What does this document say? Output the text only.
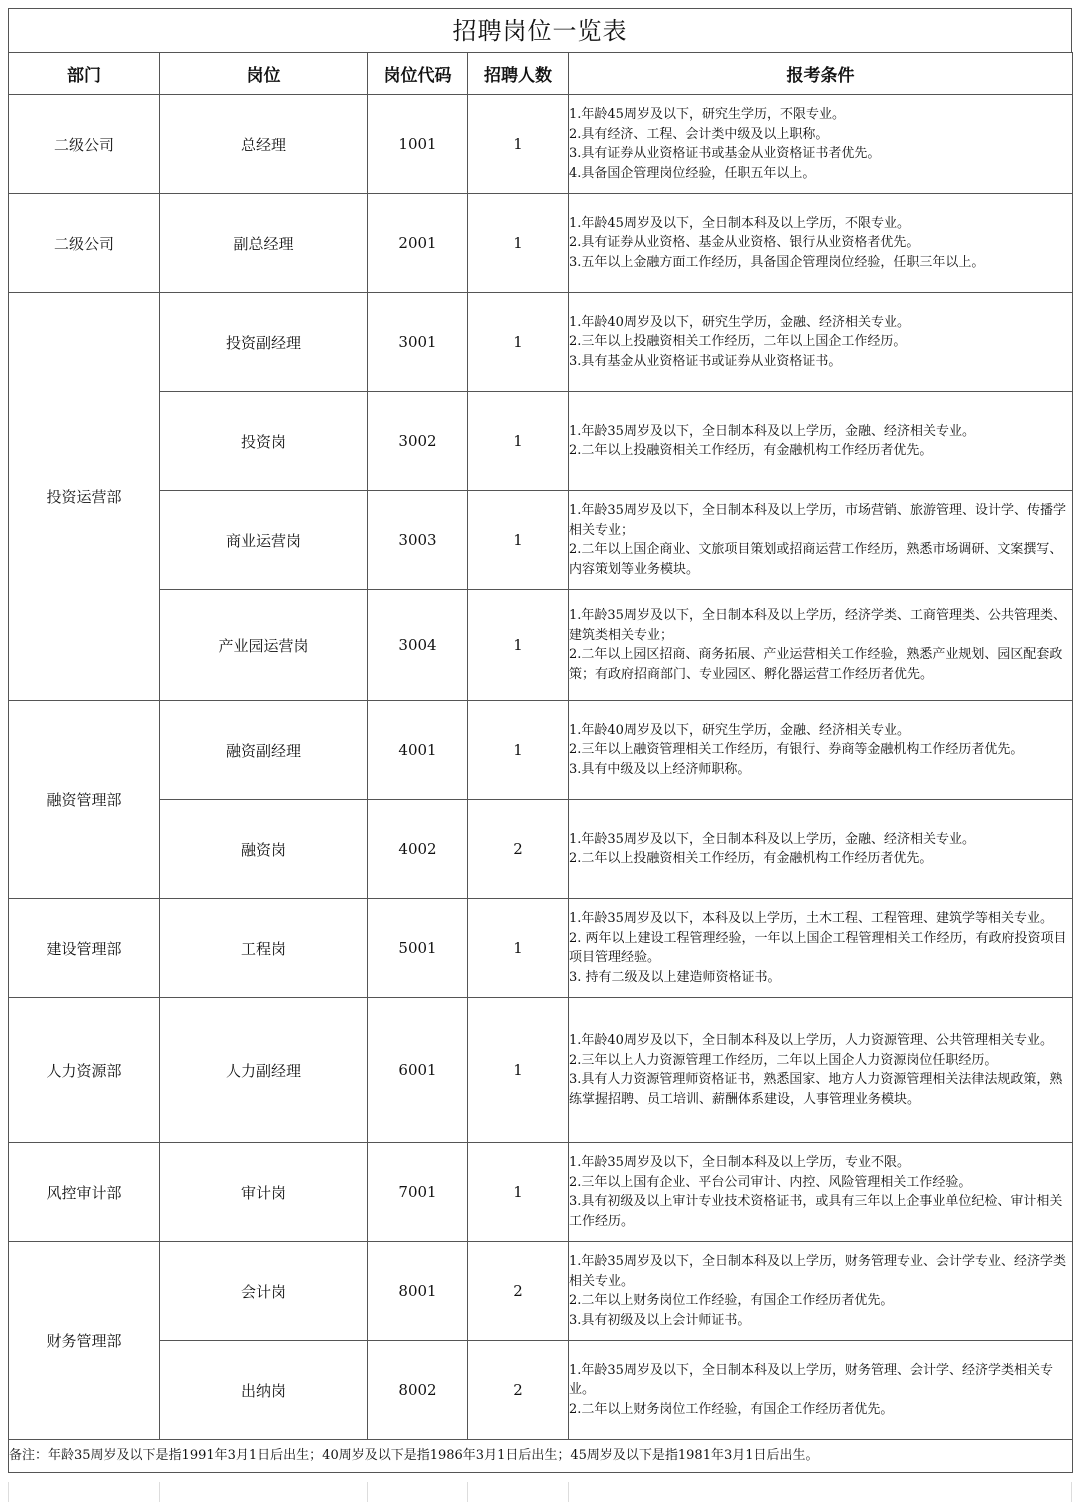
招聘岗位一览表
部门	岗位	岗位代码	招聘人数	报考条件
二级公司	总经理	1001	1	1.年龄45周岁及以下，研究生学历，不限专业。
2.具有经济、工程、会计类中级及以上职称。
3.具有证券从业资格证书或基金从业资格证书者优先。
4.具备国企管理岗位经验，任职五年以上。

二级公司	副总经理	2001	1	1.年龄45周岁及以下，全日制本科及以上学历，不限专业。
2.具有证券从业资格、基金从业资格、银行从业资格者优先。
3.五年以上金融方面工作经历，具备国企管理岗位经验，任职三年以上。

投资运营部	投资副经理	3001	1	1.年龄40周岁及以下，研究生学历，金融、经济相关专业。
2.三年以上投融资相关工作经历，二年以上国企工作经历。
3.具有基金从业资格证书或证券从业资格证书。

	投资岗	3002	1	1.年龄35周岁及以下，全日制本科及以上学历，金融、经济相关专业。
2.二年以上投融资相关工作经历，有金融机构工作经历者优先。

	商业运营岗	3003	1	1.年龄35周岁及以下，全日制本科及以上学历，市场营销、旅游管理、设计学、传播学相关专业；
2.二年以上国企商业、文旅项目策划或招商运营工作经历，熟悉市场调研、文案撰写、内容策划等业务模块。

	产业园运营岗	3004	1	1.年龄35周岁及以下，全日制本科及以上学历，经济学类、工商管理类、公共管理类、建筑类相关专业；
2.二年以上园区招商、商务拓展、产业运营相关工作经验，熟悉产业规划、园区配套政策；有政府招商部门、专业园区、孵化器运营工作经历者优先。

融资管理部	融资副经理	4001	1	1.年龄40周岁及以下，研究生学历，金融、经济相关专业。
2.三年以上融资管理相关工作经历，有银行、券商等金融机构工作经历者优先。
3.具有中级及以上经济师职称。

	融资岗	4002	2	1.年龄35周岁及以下，全日制本科及以上学历，金融、经济相关专业。
2.二年以上投融资相关工作经历，有金融机构工作经历者优先。

建设管理部	工程岗	5001	1	1.年龄35周岁及以下，本科及以上学历，土木工程、工程管理、建筑学等相关专业。
2. 两年以上建设工程管理经验，一年以上国企工程管理相关工作经历，有政府投资项目项目管理经验。
3. 持有二级及以上建造师资格证书。

人力资源部	人力副经理	6001	1	1.年龄40周岁及以下，全日制本科及以上学历，人力资源管理、公共管理相关专业。
2.三年以上人力资源管理工作经历，二年以上国企人力资源岗位任职经历。
3.具有人力资源管理师资格证书，熟悉国家、地方人力资源管理相关法律法规政策，熟练掌握招聘、员工培训、薪酬体系建设，人事管理业务模块。

风控审计部	审计岗	7001	1	1.年龄35周岁及以下，全日制本科及以上学历，专业不限。
2.三年以上国有企业、平台公司审计、内控、风险管理相关工作经验。
3.具有初级及以上审计专业技术资格证书，或具有三年以上企事业单位纪检、审计相关工作经历。

财务管理部	会计岗	8001	2	1.年龄35周岁及以下，全日制本科及以上学历，财务管理专业、会计学专业、经济学类相关专业。
2.二年以上财务岗位工作经验，有国企工作经历者优先。
3.具有初级及以上会计师证书。

	出纳岗	8002	2	1.年龄35周岁及以下，全日制本科及以上学历，财务管理、会计学、经济学类相关专业。
2.二年以上财务岗位工作经验，有国企工作经历者优先。

备注：年龄35周岁及以下是指1991年3月1日后出生；40周岁及以下是指1986年3月1日后出生；45周岁及以下是指1981年3月1日后出生。				
